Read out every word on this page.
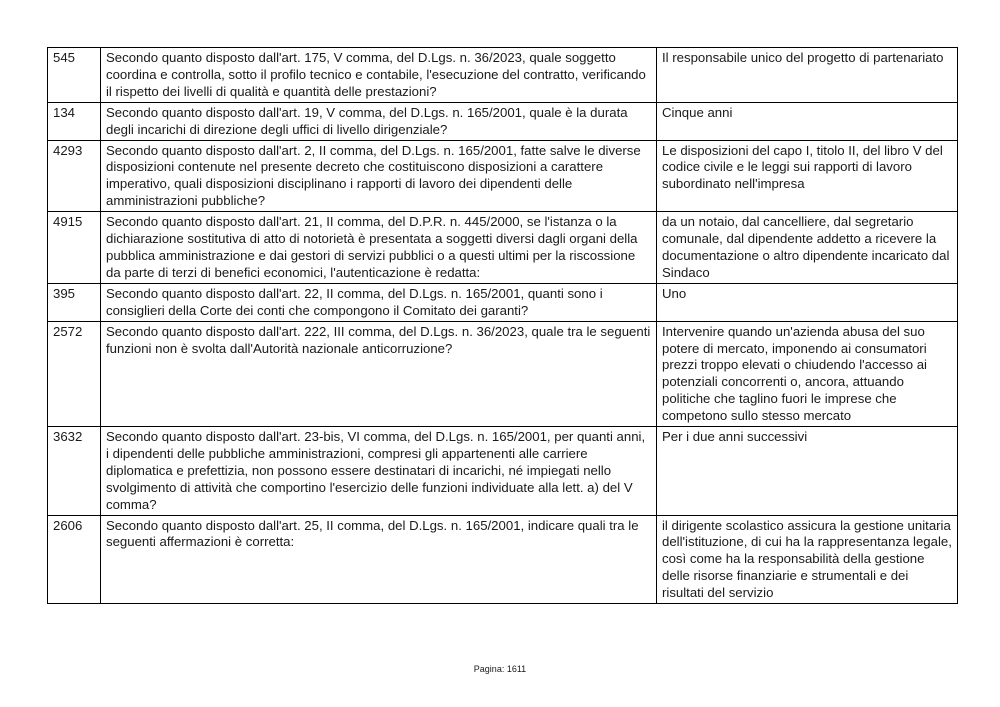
545	Secondo quanto disposto dall'art. 175, V comma, del D.Lgs. n. 36/2023, quale soggetto coordina e controlla, sotto il profilo tecnico e contabile, l'esecuzione del contratto, verificando il rispetto dei livelli di qualità e quantità delle prestazioni?	Il responsabile unico del progetto di partenariato
134	Secondo quanto disposto dall'art. 19, V comma, del D.Lgs. n. 165/2001, quale è la durata degli incarichi di direzione degli uffici di livello dirigenziale?	Cinque anni
4293	Secondo quanto disposto dall'art. 2, II comma, del D.Lgs. n. 165/2001, fatte salve le diverse disposizioni contenute nel presente decreto che costituiscono disposizioni a carattere imperativo, quali disposizioni disciplinano i rapporti di lavoro dei dipendenti delle amministrazioni pubbliche?	Le disposizioni del capo I, titolo II, del libro V del codice civile e le leggi sui rapporti di lavoro subordinato nell'impresa
4915	Secondo quanto disposto dall'art. 21, II comma, del D.P.R. n. 445/2000, se l'istanza o la dichiarazione sostitutiva di atto di notorietà è presentata a soggetti diversi dagli organi della pubblica amministrazione e dai gestori di servizi pubblici o a questi ultimi per la riscossione da parte di terzi di benefici economici, l'autenticazione è redatta:	da un notaio, dal cancelliere, dal segretario comunale, dal dipendente addetto a ricevere la documentazione o altro dipendente incaricato dal Sindaco
395	Secondo quanto disposto dall'art. 22, II comma, del D.Lgs. n. 165/2001, quanti sono i consiglieri della Corte dei conti che compongono il Comitato dei garanti?	Uno
2572	Secondo quanto disposto dall'art. 222, III comma, del D.Lgs. n. 36/2023, quale tra le seguenti funzioni non è svolta dall'Autorità nazionale anticorruzione?	Intervenire quando un'azienda abusa del suo potere di mercato, imponendo ai consumatori prezzi troppo elevati o chiudendo l'accesso ai potenziali concorrenti o, ancora, attuando politiche che taglino fuori le imprese che competono sullo stesso mercato
3632	Secondo quanto disposto dall'art. 23-bis, VI comma, del D.Lgs. n. 165/2001, per quanti anni, i dipendenti delle pubbliche amministrazioni, compresi gli appartenenti alle carriere diplomatica e prefettizia, non possono essere destinatari di incarichi, né impiegati nello svolgimento di attività che comportino l'esercizio delle funzioni individuate alla lett. a) del V comma?	Per i due anni successivi
2606	Secondo quanto disposto dall'art. 25, II comma, del D.Lgs. n. 165/2001, indicare quali tra le seguenti affermazioni è corretta:	il dirigente scolastico assicura la gestione unitaria dell'istituzione, di cui ha la rappresentanza legale, così come ha la responsabilità della gestione delle risorse finanziarie e strumentali e dei risultati del servizio
Pagina: 1611
